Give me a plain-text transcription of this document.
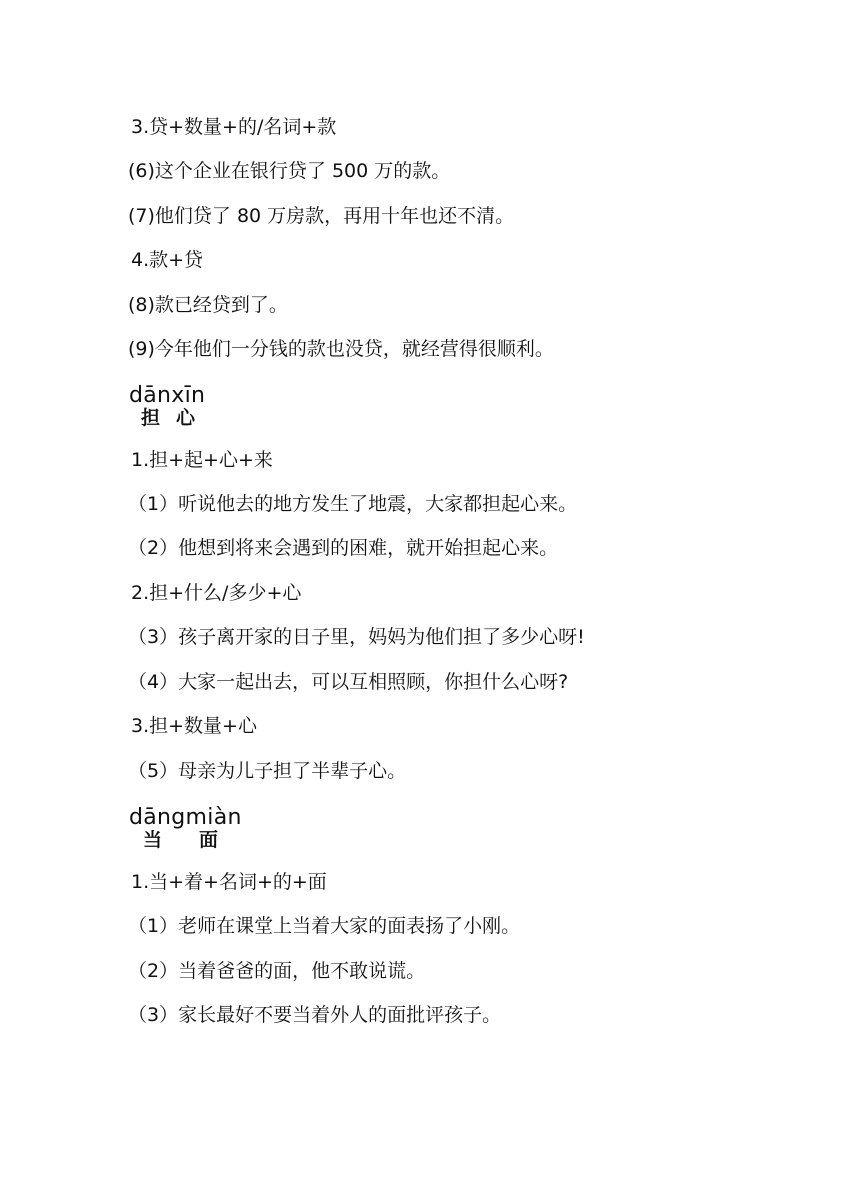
3.贷+数量+的/名词+款
(6)这个企业在银行贷了 500 万的款。
(7)他们贷了 80 万房款，再用十年也还不清。
4.款+贷
(8)款已经贷到了。
(9)今年他们一分钱的款也没贷，就经营得很顺利。
dānxīn
担 心
1.担+起+心+来
（1）听说他去的地方发生了地震，大家都担起心来。
（2）他想到将来会遇到的困难，就开始担起心来。
2.担+什么/多少+心
（3）孩子离开家的日子里，妈妈为他们担了多少心呀!
（4）大家一起出去，可以互相照顾，你担什么心呀?
3.担+数量+心
（5）母亲为儿子担了半辈子心。
dāngmiàn
当 面
1.当+着+名词+的+面
（1）老师在课堂上当着大家的面表扬了小刚。
（2）当着爸爸的面，他不敢说谎。
（3）家长最好不要当着外人的面批评孩子。
